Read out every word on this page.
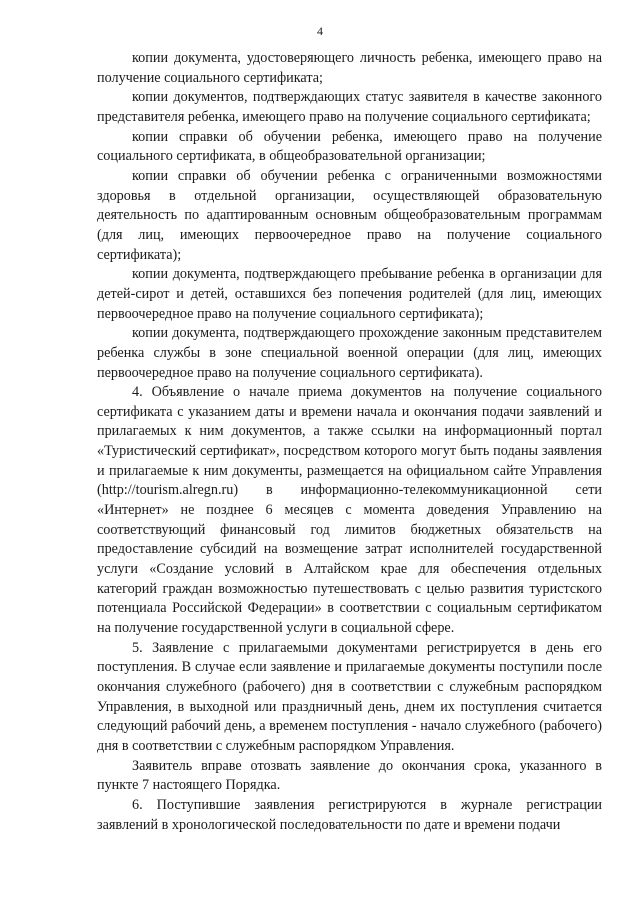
4

копии документа, удостоверяющего личность ребенка, имеющего право на получение социального сертификата;

копии документов, подтверждающих статус заявителя в качестве законного представителя ребенка, имеющего право на получение социального сертификата;

копии справки об обучении ребенка, имеющего право на получение социального сертификата, в общеобразовательной организации;

копии справки об обучении ребенка с ограниченными возможностями здоровья в отдельной организации, осуществляющей образовательную деятельность по адаптированным основным общеобразовательным программам (для лиц, имеющих первоочередное право на получение социального сертификата);

копии документа, подтверждающего пребывание ребенка в организации для детей-сирот и детей, оставшихся без попечения родителей (для лиц, имеющих первоочередное право на получение социального сертификата);

копии документа, подтверждающего прохождение законным представителем ребенка службы в зоне специальной военной операции (для лиц, имеющих первоочередное право на получение социального сертификата).

4. Объявление о начале приема документов на получение социального сертификата с указанием даты и времени начала и окончания подачи заявлений и прилагаемых к ним документов, а также ссылки на информационный портал «Туристический сертификат», посредством которого могут быть поданы заявления и прилагаемые к ним документы, размещается на официальном сайте Управления (http://tourism.alregn.ru) в информационно-телекоммуникационной сети «Интернет» не позднее 6 месяцев с момента доведения Управлению на соответствующий финансовый год лимитов бюджетных обязательств на предоставление субсидий на возмещение затрат исполнителей государственной услуги «Создание условий в Алтайском крае для обеспечения отдельных категорий граждан возможностью путешествовать с целью развития туристского потенциала Российской Федерации» в соответствии с социальным сертификатом на получение государственной услуги в социальной сфере.

5. Заявление с прилагаемыми документами регистрируется в день его поступления. В случае если заявление и прилагаемые документы поступили после окончания служебного (рабочего) дня в соответствии с служебным распорядком Управления, в выходной или праздничный день, днем их поступления считается следующий рабочий день, а временем поступления - начало служебного (рабочего) дня в соответствии с служебным распорядком Управления.

Заявитель вправе отозвать заявление до окончания срока, указанного в пункте 7 настоящего Порядка.

6. Поступившие заявления регистрируются в журнале регистрации заявлений в хронологической последовательности по дате и времени подачи
